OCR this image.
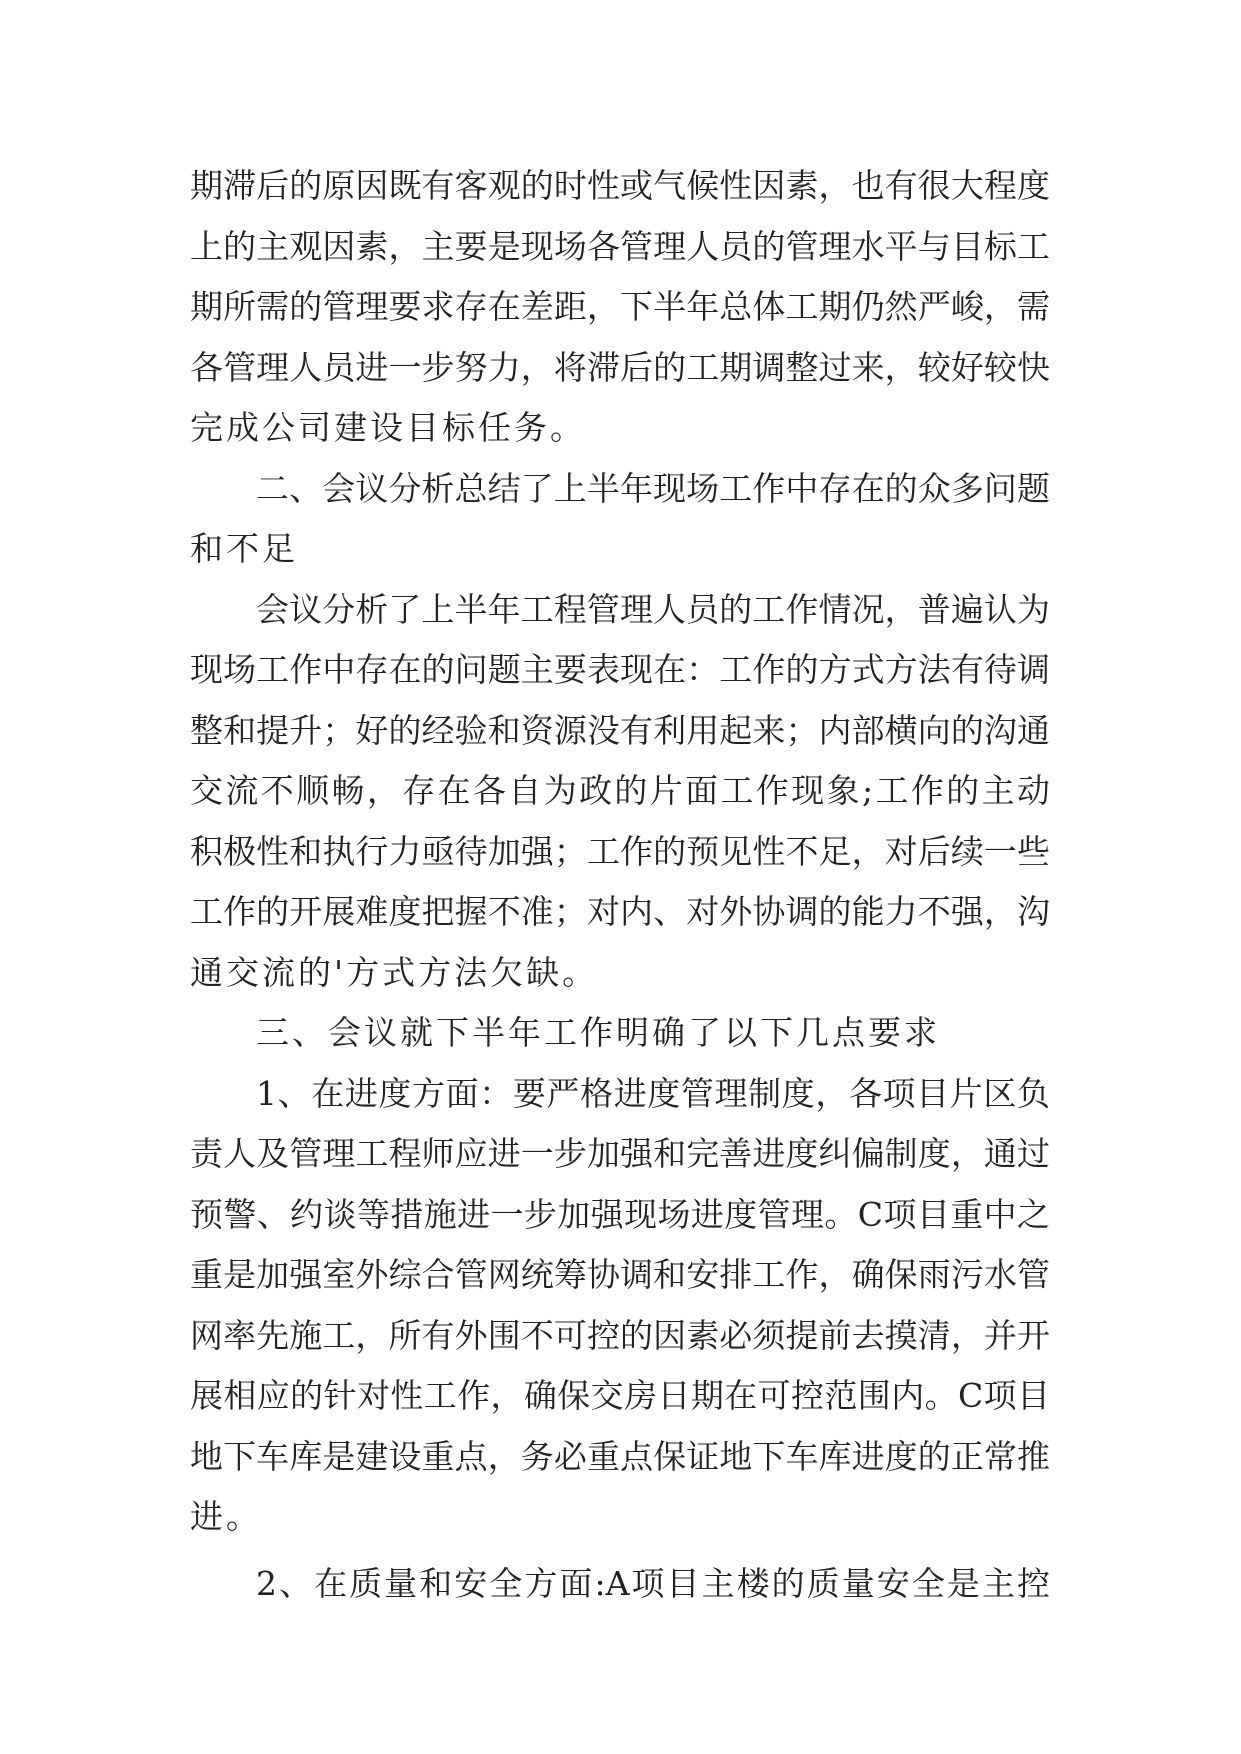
期滞后的原因既有客观的时性或气候性因素，也有很大程度
上的主观因素，主要是现场各管理人员的管理水平与目标工
期所需的管理要求存在差距，下半年总体工期仍然严峻，需
各管理人员进一步努力，将滞后的工期调整过来，较好较快
完成公司建设目标任务。
二、会议分析总结了上半年现场工作中存在的众多问题
和不足
会议分析了上半年工程管理人员的工作情况，普遍认为
现场工作中存在的问题主要表现在：工作的方式方法有待调
整和提升；好的经验和资源没有利用起来；内部横向的沟通
交流不顺畅，存在各自为政的片面工作现象;工作的主动
积极性和执行力亟待加强；工作的预见性不足，对后续一些
工作的开展难度把握不准；对内、对外协调的能力不强，沟
通交流的'方式方法欠缺。
三、会议就下半年工作明确了以下几点要求
1、在进度方面：要严格进度管理制度，各项目片区负
责人及管理工程师应进一步加强和完善进度纠偏制度，通过
预警、约谈等措施进一步加强现场进度管理。C项目重中之
重是加强室外综合管网统筹协调和安排工作，确保雨污水管
网率先施工，所有外围不可控的因素必须提前去摸清，并开
展相应的针对性工作，确保交房日期在可控范围内。C项目
地下车库是建设重点，务必重点保证地下车库进度的正常推
进。
2、在质量和安全方面:A项目主楼的质量安全是主控
